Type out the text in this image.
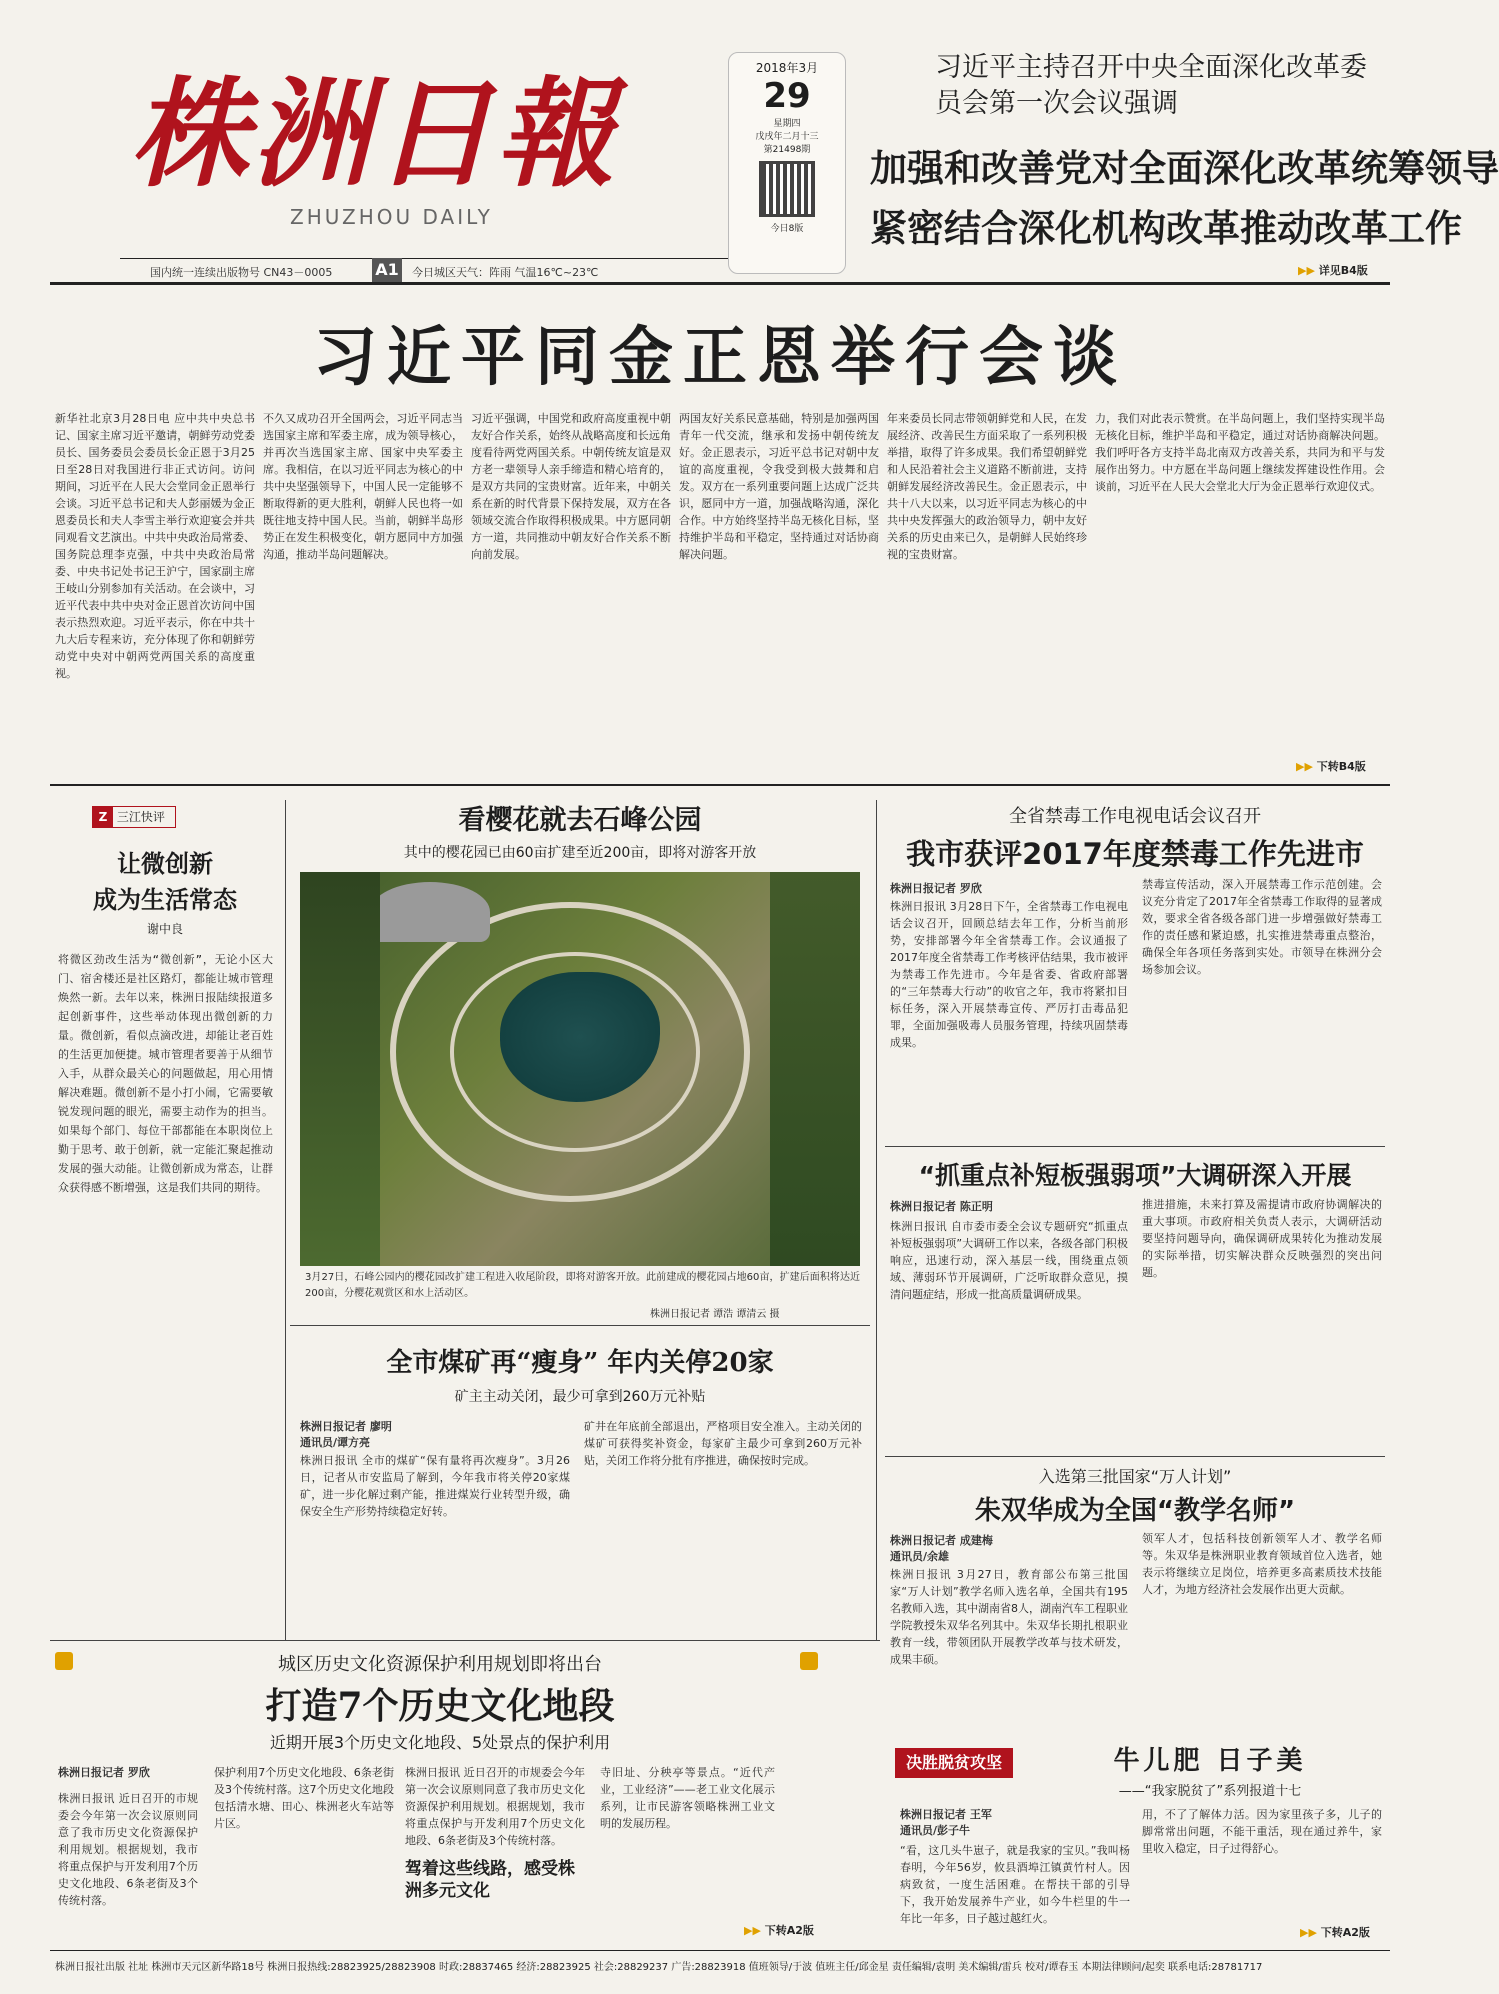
株洲日報
ZHUZHOU DAILY
国内统一连续出版物号 CN43－0005	A1 今日城区天气：阵雨 气温16℃~23℃
2018年3月
29
星期四
戊戌年二月十三
第21498期
今日8版
习近平主持召开中央全面深化改革委员会第一次会议强调
加强和改善党对全面深化改革统筹领导
紧密结合深化机构改革推动改革工作
▶▶ 详见B4版
习近平同金正恩举行会谈
新华社北京3月28日电 应中共中央总书记、国家主席习近平邀请，朝鲜劳动党委员长、国务委员会委员长金正恩于3月25日至28日对我国进行非正式访问。访问期间，习近平在人民大会堂同金正恩举行会谈。习近平总书记和夫人彭丽媛为金正恩委员长和夫人李雪主举行欢迎宴会并共同观看文艺演出。中共中央政治局常委、国务院总理李克强，中共中央政治局常委、中央书记处书记王沪宁，国家副主席王岐山分别参加有关活动。在会谈中，习近平代表中共中央对金正恩首次访问中国表示热烈欢迎。习近平表示，你在中共十九大后专程来访，充分体现了你和朝鲜劳动党中央对中朝两党两国关系的高度重视。
不久又成功召开全国两会，习近平同志当选国家主席和军委主席，成为领导核心，并再次当选国家主席、国家中央军委主席。我相信，在以习近平同志为核心的中共中央坚强领导下，中国人民一定能够不断取得新的更大胜利，朝鲜人民也将一如既往地支持中国人民。当前，朝鲜半岛形势正在发生积极变化，朝方愿同中方加强沟通，推动半岛问题解决。
习近平强调，中国党和政府高度重视中朝友好合作关系，始终从战略高度和长远角度看待两党两国关系。中朝传统友谊是双方老一辈领导人亲手缔造和精心培育的，是双方共同的宝贵财富。近年来，中朝关系在新的时代背景下保持发展，双方在各领域交流合作取得积极成果。中方愿同朝方一道，共同推动中朝友好合作关系不断向前发展。
两国友好关系民意基础，特别是加强两国青年一代交流，继承和发扬中朝传统友好。金正恩表示，习近平总书记对朝中友谊的高度重视，令我受到极大鼓舞和启发。双方在一系列重要问题上达成广泛共识，愿同中方一道，加强战略沟通，深化合作。中方始终坚持半岛无核化目标，坚持维护半岛和平稳定，坚持通过对话协商解决问题。
年来委员长同志带领朝鲜党和人民，在发展经济、改善民生方面采取了一系列积极举措，取得了许多成果。我们希望朝鲜党和人民沿着社会主义道路不断前进，支持朝鲜发展经济改善民生。金正恩表示，中共十八大以来，以习近平同志为核心的中共中央发挥强大的政治领导力，朝中友好关系的历史由来已久，是朝鲜人民始终珍视的宝贵财富。
力，我们对此表示赞赏。在半岛问题上，我们坚持实现半岛无核化目标，维护半岛和平稳定，通过对话协商解决问题。我们呼吁各方支持半岛北南双方改善关系，共同为和平与发展作出努力。中方愿在半岛问题上继续发挥建设性作用。会谈前，习近平在人民大会堂北大厅为金正恩举行欢迎仪式。
▶▶ 下转B4版
Z 三江快评
让微创新
成为生活常态
谢中良
将微区劲改生活为“微创新”，无论小区大门、宿舍楼还是社区路灯，都能让城市管理焕然一新。去年以来，株洲日报陆续报道多起创新事件，这些举动体现出微创新的力量。微创新，看似点滴改进，却能让老百姓的生活更加便捷。城市管理者要善于从细节入手，从群众最关心的问题做起，用心用情解决难题。微创新不是小打小闹，它需要敏锐发现问题的眼光，需要主动作为的担当。如果每个部门、每位干部都能在本职岗位上勤于思考、敢于创新，就一定能汇聚起推动发展的强大动能。让微创新成为常态，让群众获得感不断增强，这是我们共同的期待。
看樱花就去石峰公园
其中的樱花园已由60亩扩建至近200亩，即将对游客开放
3月27日，石峰公园内的樱花园改扩建工程进入收尾阶段，即将对游客开放。此前建成的樱花园占地60亩，扩建后面积将达近200亩，分樱花观赏区和水上活动区。
株洲日报记者 谭浩 谭清云 摄
全市煤矿再“瘦身” 年内关停20家
矿主主动关闭，最少可拿到260万元补贴
株洲日报记者 廖明
通讯员/谭方亮
株洲日报讯 全市的煤矿“保有量将再次瘦身”。3月26日，记者从市安监局了解到，今年我市将关停20家煤矿，进一步化解过剩产能，推进煤炭行业转型升级，确保安全生产形势持续稳定好转。
矿井在年底前全部退出，严格项目安全准入。主动关闭的煤矿可获得奖补资金，每家矿主最少可拿到260万元补贴，关闭工作将分批有序推进，确保按时完成。
全省禁毒工作电视电话会议召开
我市获评2017年度禁毒工作先进市
株洲日报记者 罗欣
株洲日报讯 3月28日下午，全省禁毒工作电视电话会议召开，回顾总结去年工作，分析当前形势，安排部署今年全省禁毒工作。会议通报了2017年度全省禁毒工作考核评估结果，我市被评为禁毒工作先进市。今年是省委、省政府部署的“三年禁毒大行动”的收官之年，我市将紧扣目标任务，深入开展禁毒宣传、严厉打击毒品犯罪，全面加强吸毒人员服务管理，持续巩固禁毒成果。
禁毒宣传活动，深入开展禁毒工作示范创建。会议充分肯定了2017年全省禁毒工作取得的显著成效，要求全省各级各部门进一步增强做好禁毒工作的责任感和紧迫感，扎实推进禁毒重点整治，确保全年各项任务落到实处。市领导在株洲分会场参加会议。
“抓重点补短板强弱项”大调研深入开展
株洲日报记者 陈正明
株洲日报讯 自市委市委全会议专题研究“抓重点补短板强弱项”大调研工作以来，各级各部门积极响应，迅速行动，深入基层一线，围绕重点领域、薄弱环节开展调研，广泛听取群众意见，摸清问题症结，形成一批高质量调研成果。
推进措施，未来打算及需提请市政府协调解决的重大事项。市政府相关负责人表示，大调研活动要坚持问题导向，确保调研成果转化为推动发展的实际举措，切实解决群众反映强烈的突出问题。
入选第三批国家“万人计划”
朱双华成为全国“教学名师”
株洲日报记者 成建梅
通讯员/余雄
株洲日报讯 3月27日，教育部公布第三批国家“万人计划”教学名师入选名单，全国共有195名教师入选，其中湖南省8人，湖南汽车工程职业学院教授朱双华名列其中。朱双华长期扎根职业教育一线，带领团队开展教学改革与技术研发，成果丰硕。
领军人才，包括科技创新领军人才、教学名师等。朱双华是株洲职业教育领域首位入选者，她表示将继续立足岗位，培养更多高素质技术技能人才，为地方经济社会发展作出更大贡献。
城区历史文化资源保护利用规划即将出台
打造7个历史文化地段
近期开展3个历史文化地段、5处景点的保护利用
株洲日报记者 罗欣
株洲日报讯 近日召开的市规委会今年第一次会议原则同意了我市历史文化资源保护利用规划。根据规划，我市将重点保护与开发利用7个历史文化地段、6条老街及3个传统村落。
保护利用7个历史文化地段、6条老街及3个传统村落。这7个历史文化地段包括清水塘、田心、株洲老火车站等片区。
株洲日报讯 近日召开的市规委会今年第一次会议原则同意了我市历史文化资源保护利用规划。根据规划，我市将重点保护与开发利用7个历史文化地段、6条老街及3个传统村落。
驾着这些线路，感受株洲多元文化
寺旧址、分秧亭等景点。“近代产业，工业经济”——老工业文化展示系列，让市民游客领略株洲工业文明的发展历程。
▶▶ 下转A2版
决胜脱贫攻坚	牛儿肥 日子美
——“我家脱贫了”系列报道十七
株洲日报记者 王军
通讯员/彭子牛
“看，这几头牛崽子，就是我家的宝贝。”我叫杨春明，今年56岁，攸县酒埠江镇黄竹村人。因病致贫，一度生活困难。在帮扶干部的引导下，我开始发展养牛产业，如今牛栏里的牛一年比一年多，日子越过越红火。
用，不了了解体力活。因为家里孩子多，儿子的脚常常出问题，不能干重活，现在通过养牛，家里收入稳定，日子过得舒心。
▶▶ 下转A2版
株洲日报社出版 社址 株洲市天元区新华路18号 株洲日报热线:28823925/28823908 时政:28837465 经济:28823925 社会:28829237 广告:28823918 值班领导/于波 值班主任/邱金星 责任编辑/袁明 美术编辑/雷兵 校对/谭春玉 本期法律顾问/起奕 联系电话:28781717
